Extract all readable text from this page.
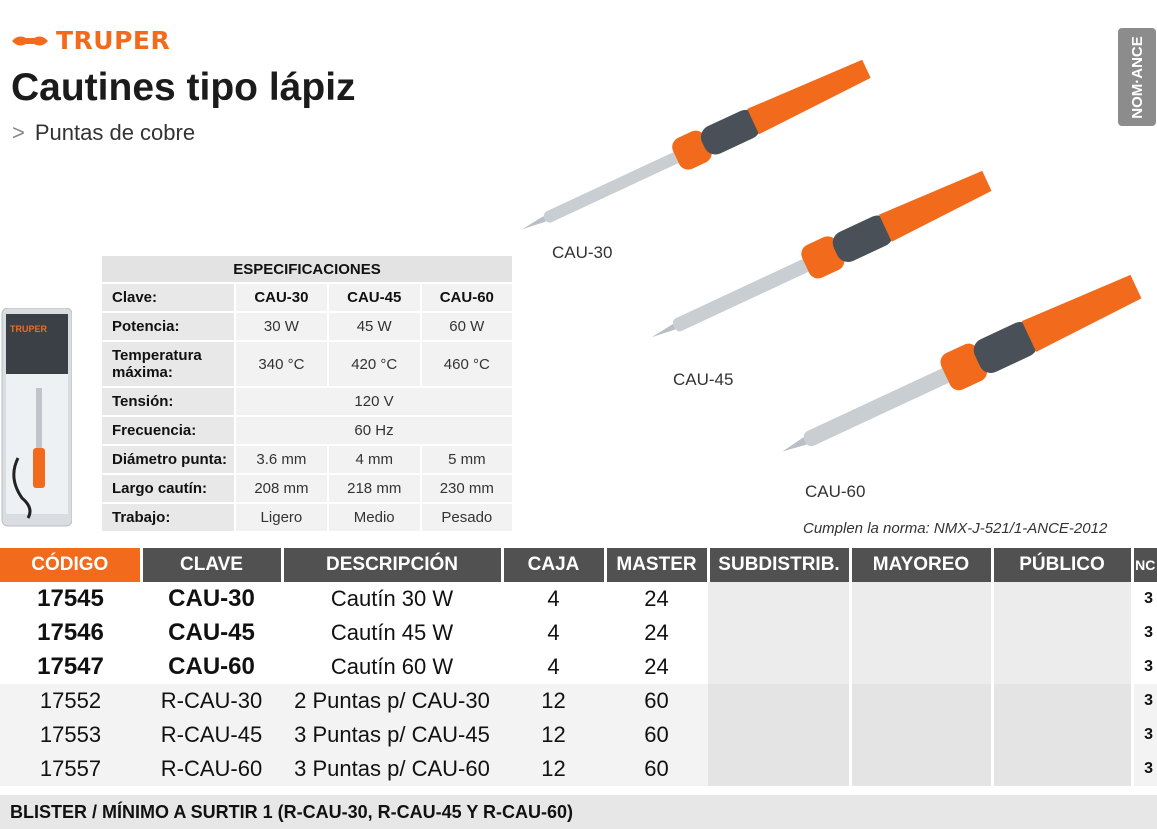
TRUPER
Cautines tipo lápiz
> Puntas de cobre
NOM·ANCE
TRUPER
CAU-30
CAU-45
CAU-60
ESPECIFICACIONES			
Clave:	CAU-30	CAU-45	CAU-60
Potencia:	30 W	45 W	60 W
Temperatura máxima:	340 °C	420 °C	460 °C
Tensión:	120 V		
Frecuencia:	60 Hz		
Diámetro punta:	3.6 mm	4 mm	5 mm
Largo cautín:	208 mm	218 mm	230 mm
Trabajo:	Ligero	Medio	Pesado
Cumplen la norma: NMX-J-521/1-ANCE-2012
CÓDIGO	CLAVE	DESCRIPCIÓN	CAJA	MASTER	SUBDISTRIB.	MAYOREO	PÚBLICO	NC
17545	CAU-30	Cautín 30 W	4	24				3
17546	CAU-45	Cautín 45 W	4	24				3
17547	CAU-60	Cautín 60 W	4	24				3
17552	R-CAU-30	2 Puntas p/ CAU-30	12	60				3
17553	R-CAU-45	3 Puntas p/ CAU-45	12	60				3
17557	R-CAU-60	3 Puntas p/ CAU-60	12	60				3
BLISTER / MÍNIMO A SURTIR 1 (R-CAU-30, R-CAU-45 Y R-CAU-60)
